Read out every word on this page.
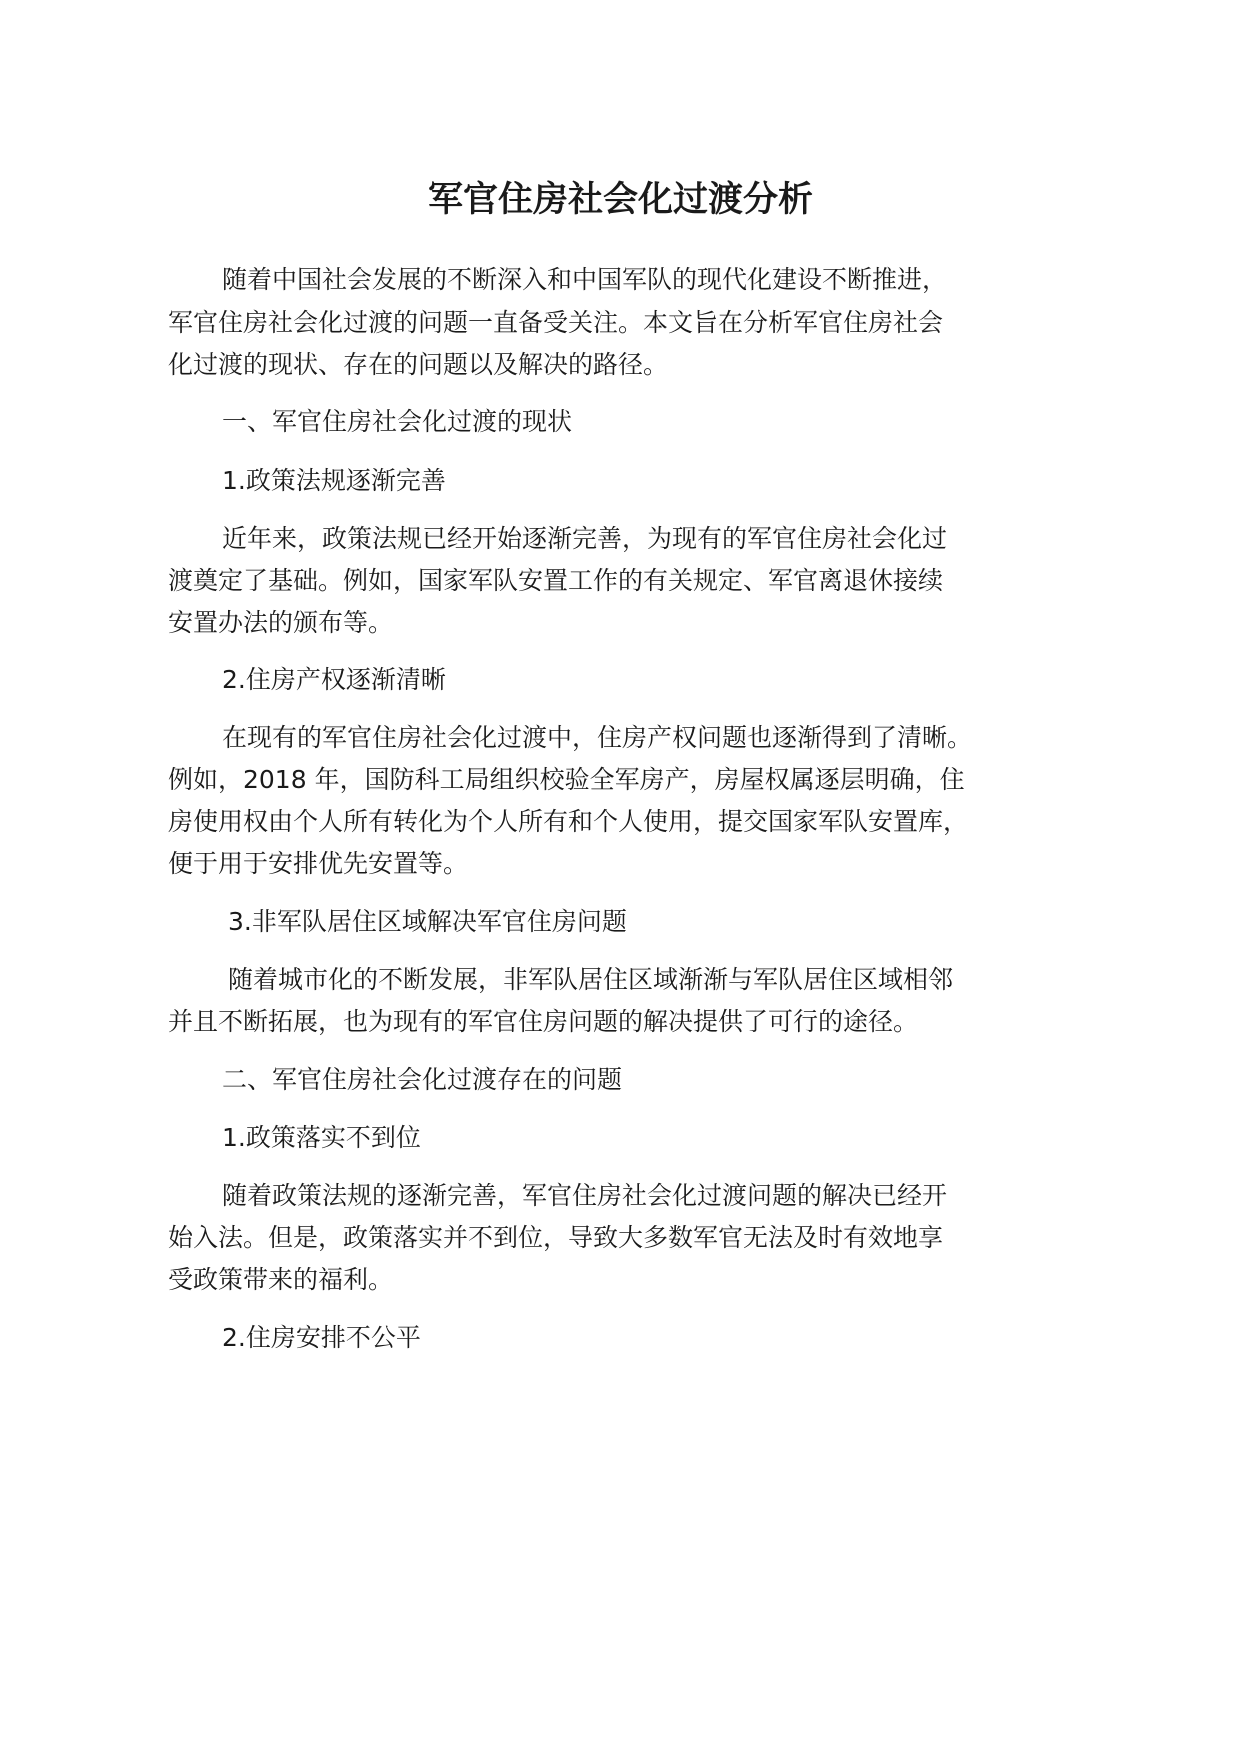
军官住房社会化过渡分析
随着中国社会发展的不断深入和中国军队的现代化建设不断推进，
军官住房社会化过渡的问题一直备受关注。本文旨在分析军官住房社会
化过渡的现状、存在的问题以及解决的路径。
一、军官住房社会化过渡的现状
1.政策法规逐渐完善
近年来，政策法规已经开始逐渐完善，为现有的军官住房社会化过
渡奠定了基础。例如，国家军队安置工作的有关规定、军官离退休接续
安置办法的颁布等。
2.住房产权逐渐清晰
在现有的军官住房社会化过渡中，住房产权问题也逐渐得到了清晰。
例如，2018 年，国防科工局组织校验全军房产，房屋权属逐层明确，住
房使用权由个人所有转化为个人所有和个人使用，提交国家军队安置库，
便于用于安排优先安置等。
3.非军队居住区域解决军官住房问题
随着城市化的不断发展，非军队居住区域渐渐与军队居住区域相邻
并且不断拓展，也为现有的军官住房问题的解决提供了可行的途径。
二、军官住房社会化过渡存在的问题
1.政策落实不到位
随着政策法规的逐渐完善，军官住房社会化过渡问题的解决已经开
始入法。但是，政策落实并不到位，导致大多数军官无法及时有效地享
受政策带来的福利。
2.住房安排不公平
